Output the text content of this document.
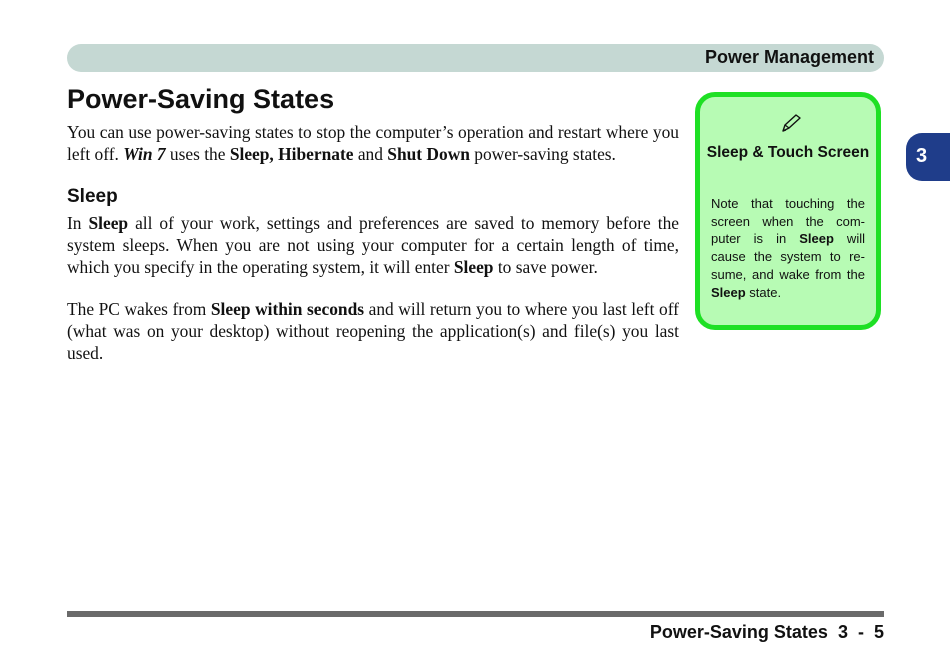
Power Management
3
Power-Saving States

You can use power-saving states to stop the computer’s operation and restart where you left off. Win 7 uses the Sleep, Hibernate and Shut Down power-saving states.

Sleep

In Sleep all of your work, settings and preferences are saved to memory before the system sleeps. When you are not using your computer for a certain length of time, which you specify in the operating system, it will enter Sleep to save power.

The PC wakes from Sleep within seconds and will return you to where you last left off (what was on your desktop) without reopening the application(s) and file(s) you last used.

Sleep & Touch Screen

Note that touching the screen when the com-puter is in Sleep will cause the system to re-sume, and wake from the Sleep state.

Power-Saving States 3 - 5
